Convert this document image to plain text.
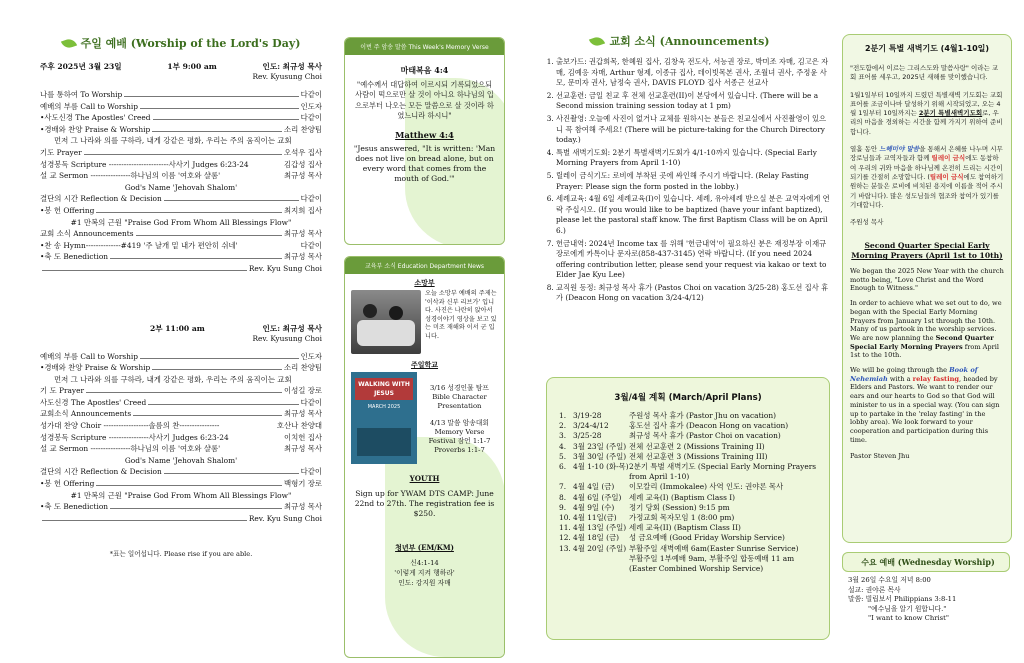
주일 예배 (Worship of the Lord's Day)
주후 2025년 3월 23일	1부 9:00 am	인도: 최규성 목사
Rev. Kyusung Choi
나를 통하여 To Worship	다같이
예배의 부름 Call to Worship	인도자
•사도신경 The Apostles' Creed	다같이
•경배와 찬양 Praise & Worship	소리 찬양팀
먼저 그 나라와 의를 구하라, 내게 강같은 평화, 우리는 주의 움직이는 교회
기도 Prayer	오석우 집사
성경봉독 Scripture ------------------------사사기 Judges 6:23-24	김갑성 집사
설 교 Sermon ----------------하나님의 이름 '여호와 샬롬'	최규성 목사
God's Name 'Jehovah Shalom'
결단의 시간 Reflection & Decision	다같이
•봉 헌 Offering	최지희 집사
#1 만복의 근원 "Praise God From Whom All Blessings Flow"
교회 소식 Announcements	최규성 목사
•찬 송 Hymn--------------#419 '주 날개 밑 내가 편안히 쉬네'	다같이
•축 도 Benediction	최규성 목사
Rev. Kyu Sung Choi
2부 11:00 am	인도: 최규성 목사
Rev. Kyusung Choi
예배의 부름 Call to Worship	인도자
•경배와 찬양 Praise & Worship	소리 찬양팀
먼저 그 나라와 의를 구하라, 내게 강같은 평화, 우리는 주의 움직이는 교회
기 도 Prayer	이성길 장로
사도신경 The Apostles' Creed	다같이
교회소식 Announcements	최규성 목사
성가대 찬양 Choir ------------------솔름의 찬----------------	호산나 찬양대
성경봉독 Scripture ----------------사사기 Judges 6:23-24	이치헌 집사
설 교 Sermon ----------------하나님의 이름 '여호와 샬롬'	최규성 목사
God's Name 'Jehovah Shalom'
결단의 시간 Reflection & Decision	다같이
•봉 헌 Offering	백형기 장로
#1 만복의 근원 "Praise God From Whom All Blessings Flow"
•축 도 Benediction	최규성 목사
Rev. Kyu Sung Choi
*표는 일어섭니다. Please rise if you are able.
이번 주 암송 말씀 This Week's Memory Verse
마태복음 4:4
"예수께서 대답하여 이르시되 기록되었으되 사람이 떡으로만 살 것이 아니요 하나님의 입으로부터 나오는 모든 말씀으로 살 것이라 하였느니라 하시니"
Matthew 4:4
"Jesus answered, "It is written: 'Man does not live on bread alone, but on every word that comes from the mouth of God.'"
교육부 소식 Education Department News
소망부
오늘 소망부 예배의 주제는 '이삭과 신부 리브가' 입니다. 사진은 나란히 앉아서 성경이야기 영상을 보고 있는 미조 재해와 이서 군 입니다.
주일학교
WALKING WITH JESUS
MARCH 2025
3/16 성경인물 탐프 Bible Character Presentation
4/13 말씀 암송대회 Memory Verse Festival 잠언 1:1-7 Proverbs 1:1-7
YOUTH
Sign up for YWAM DTS CAMP: June 22nd to 27th. The registration fee is $250.
청년부 (EM/KM)
신4:1-14
'이렇게 지켜 행하라'
인도: 강지원 자매
교회 소식 (Announcements)
1. 출보가드: 권갑희목, 한혜원 집사, 김창욱 전도사, 서능권 장로, 박미조 자매, 김고은 자매, 김예응 자매, Arthur 형제, 이종규 집사, 데이빗목본 권사, 조월녀 권사, 주정윤 사모, 문미자 권사, 남정숙 권사, DAVIS FLOYD 집사 서종근 선교사
2. 선교훈련: 금일 친교 후 전체 선교훈련(II)이 본당에서 있습니다. (There will be a Second mission training session today at 1 pm)
3. 사진촬영: 오늘예 사진이 없거나 교체를 원하시는 분들은 친교실에서 사진촬영이 있으니 꼭 참여해 주세요! (There will be picture-taking for the Church Directory today.)
4. 특별 새벽기도회: 2분기 특별새벽기도회가 4/1-10까지 있습니다. (Special Early Morning Prayers from April 1-10)
5. 릴레이 금식기도: 로비에 부착된 곳에 싸인해 주시기 바랍니다. (Relay Fasting Prayer: Please sign the form posted in the lobby.)
6. 세례교육: 4월 6일 세례교육(I)이 있습니다. 세례, 유아세례 받으실 분은 교역자에게 연락 주십시오. (If you would like to be baptized (have your infant baptized), please let the pastoral staff know. The first Baptism Class will be on April 6.)
7. 헌금내역: 2024년 Income tax 를 위해 '헌금내역'이 필요하신 분은 재정부장 이재규장로에게 카톡이나 문자로(858-437-3145) 연락 바랍니다. (If you need 2024 offering contribution letter, please send your request via kakao or text to Elder Jae Kyu Lee)
8. 교직원 동정: 최규성 목사 휴가 (Pastos Choi on vacation 3/25-28) 홍도선 집사 휴가 (Deacon Hong on vacation 3/24-4/12)
3월/4월 계획 (March/April Plans)
1. 3/19-28	주원성 목사 휴가 (Pastor Jhu on vacation)
2. 3/24-4/12	홍도선 집사 휴가 (Deacon Hong on vacation)
3. 3/25-28	최규성 목사 휴가 (Pastor Choi on vacation)
4. 3월 23일 (주일) 전체 선교훈련 2 (Missions Training II)
5. 3월 30일 (주일) 전체 선교훈련 3 (Missions Training III)
6. 4월 1-10 (화-목) 2분기 특별 새벽기도 (Special Early Morning Prayers from April 1-10)
7. 4월 4일 (금)	이모칼리 (Immokalee) 사역 인도: 권야론 목사
8. 4월 6일 (주일)	세례 교육(I) (Baptism Class I)
9. 4월 9일 (수)	정기 당회 (Session) 9:15 pm
10. 4월 11일(금)	가정교회 목자모임 1 (8:00 pm)
11. 4월 13일 (주일) 세례 교육(II) (Baptism Class II)
12. 4월 18일 (금)	성 금요예배 (Good Friday Worship Service)
13. 4월 20일 (주일) 부활주일 새벽예배 6am(Easter Sunrise Service)
부활주일 1부예배 9am, 부활주일 합동예배 11 am (Easter Combined Worship Service)
2분기 특별 새벽기도 (4월1-10일)
"전도함에서 이르는 그리스도와 말씀사랑" 이라는 교회 표어를 세우고, 2025년 새해를 맞이했습니다.
1월1일부터 10일까지 드렸던 특별새벽 기도회는 교회 표어를 조금이나마 달성하기 위해 시작되었고, 오는 4월 1일부터 10일까지는 2분기 특별새벽기도회로, 우리의 마음을 경외하는 시간을 함께 가지기 위하여 준비합니다.
열흘 동안 느헤미야 말씀을 통해서 은혜를 나누며 시무장로님들과 교역자들과 함께 릴레이 금식에도 동참하여 우리의 귀와 마음을 하나님께 온전히 드리는 시간이 되기를 간절히 소망합니다. (릴레이 금식에도 참여하기 원하는 분들은 로비에 비치된 용지에 이름을 적어 주시기 바랍니다). 많은 성도님들의 협조와 참여가 있기를 기대합니다.
주원성 목사
Second Quarter Special Early Morning Prayers (April 1st to 10th)
We began the 2025 New Year with the church motto being, "Love Christ and the Word Enough to Witness."
In order to achieve what we set out to do, we began with the Special Early Morning Prayers from January 1st through the 10th. Many of us partook in the worship services. We are now planning the Second Quarter Special Early Morning Prayers from April 1st to the 10th.
We will be going through the Book of Nehemiah with a relay fasting, headed by Elders and Pastors. We want to render our ears and our hearts to God so that God will minister to us in a special way. (You can sign up to partake in the 'relay fasting' in the lobby area). We look forward to your cooperation and participation during this time.
Pastor Steven Jhu
수요 예배 (Wednesday Worship)
3월 26일 수요일 저녁 8:00
설교: 권야론 목사
말씀: 빌립보서 Philippians 3:8-11
"예수님을 알기 원합니다."
"I want to know Christ"
